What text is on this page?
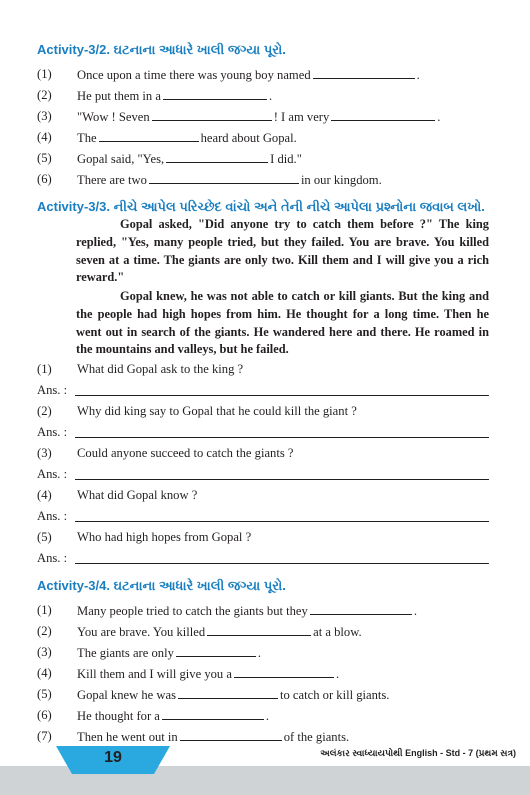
Activity-3/2. ઘટનાના આધારે ખાલી જગ્યા પૂરો.
(1) Once upon a time there was young boy named	.
(2) He put them in a	.
(3) "Wow ! Seven	! I am very	.
(4) The	heard about Gopal.
(5) Gopal said, "Yes,	I did."
(6) There are two	in our kingdom.
Activity-3/3. નીચે આપેલ પરિચ્છેદ વાંચો અને તેની નીચે આપેલા પ્રશ્નોના જવાબ લખો.

Gopal asked, "Did anyone try to catch them before ?" The king replied, "Yes, many people tried, but they failed. You are brave. You killed seven at a time. The giants are only two. Kill them and I will give you a rich reward."

Gopal knew, he was not able to catch or kill giants. But the king and the people had high hopes from him. He thought for a long time. Then he went out in search of the giants. He wandered here and there. He roamed in the mountains and valleys, but he failed.

(1) What did Gopal ask to the king ?
Ans. :
(2) Why did king say to Gopal that he could kill the giant ?
Ans. :
(3) Could anyone succeed to catch the giants ?
Ans. :
(4) What did Gopal know ?
Ans. :
(5) Who had high hopes from Gopal ?
Ans. :
Activity-3/4. ઘટનાના આધારે ખાલી જગ્યા પૂરો.
(1) Many people tried to catch the giants but they	.
(2) You are brave. You killed	at a blow.
(3) The giants are only	.
(4) Kill them and I will give you a	.
(5) Gopal knew he was	to catch or kill giants.
(6) He thought for a	.
(7) Then he went out in	of the giants.
19	અલંકાર સ્વાધ્યાયપોથી English - Std - 7 (પ્રથમ સત્ર)
